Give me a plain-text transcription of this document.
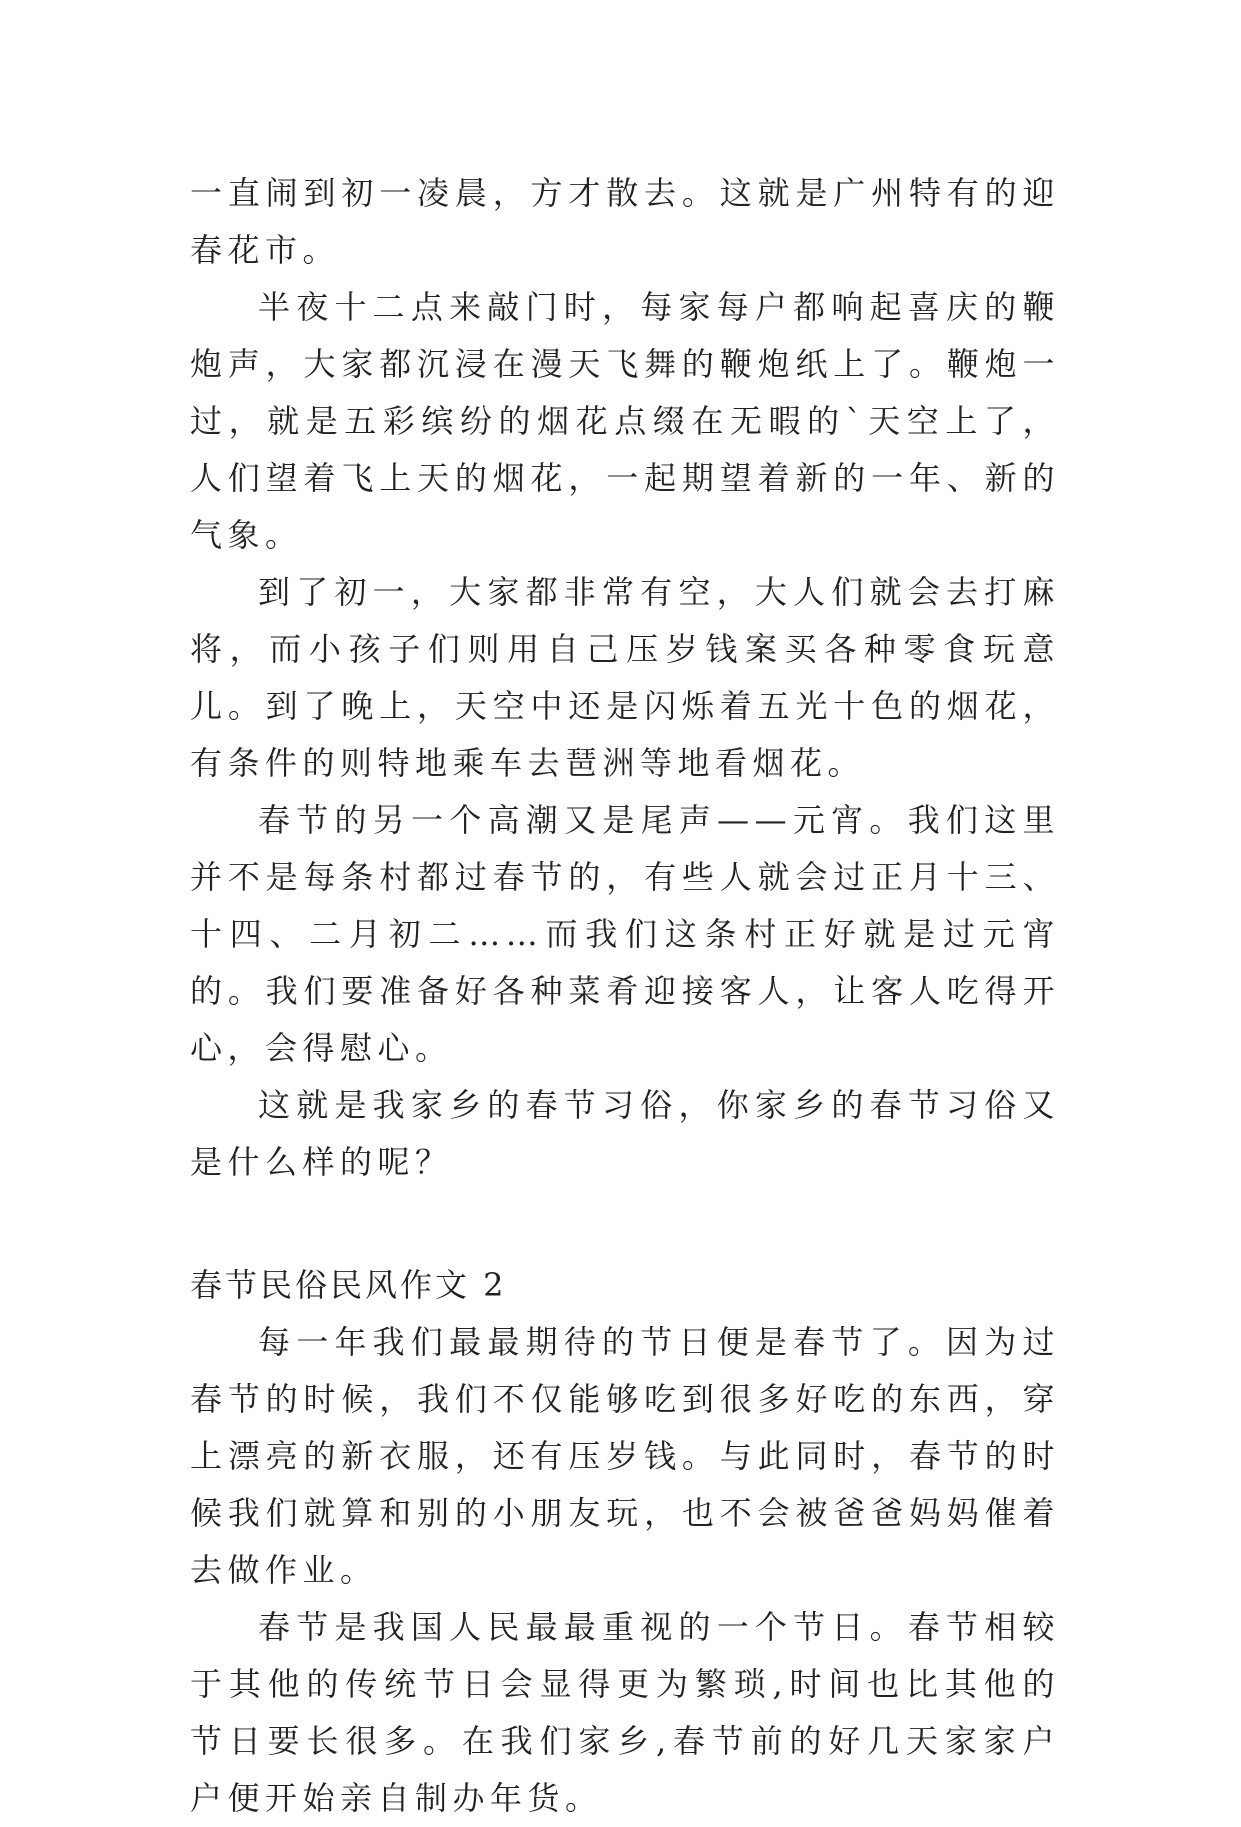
一直闹到初一凌晨，方才散去。这就是广州特有的迎春花市。

半夜十二点来敲门时，每家每户都响起喜庆的鞭炮声，大家都沉浸在漫天飞舞的鞭炮纸上了。鞭炮一过，就是五彩缤纷的烟花点缀在无暇的`天空上了，人们望着飞上天的烟花，一起期望着新的一年、新的气象。

到了初一，大家都非常有空，大人们就会去打麻将，而小孩子们则用自己压岁钱案买各种零食玩意儿。到了晚上，天空中还是闪烁着五光十色的烟花，有条件的则特地乘车去琶洲等地看烟花。

春节的另一个高潮又是尾声——元宵。我们这里并不是每条村都过春节的，有些人就会过正月十三、十四、二月初二……而我们这条村正好就是过元宵的。我们要准备好各种菜肴迎接客人，让客人吃得开心，会得慰心。

这就是我家乡的春节习俗，你家乡的春节习俗又是什么样的呢？

春节民俗民风作文 2

每一年我们最最期待的节日便是春节了。因为过春节的时候，我们不仅能够吃到很多好吃的东西，穿上漂亮的新衣服，还有压岁钱。与此同时，春节的时候我们就算和别的小朋友玩，也不会被爸爸妈妈催着去做作业。

春节是我国人民最最重视的一个节日。春节相较于其他的传统节日会显得更为繁琐,时间也比其他的节日要长很多。在我们家乡,春节前的好几天家家户户便开始亲自制办年货。
